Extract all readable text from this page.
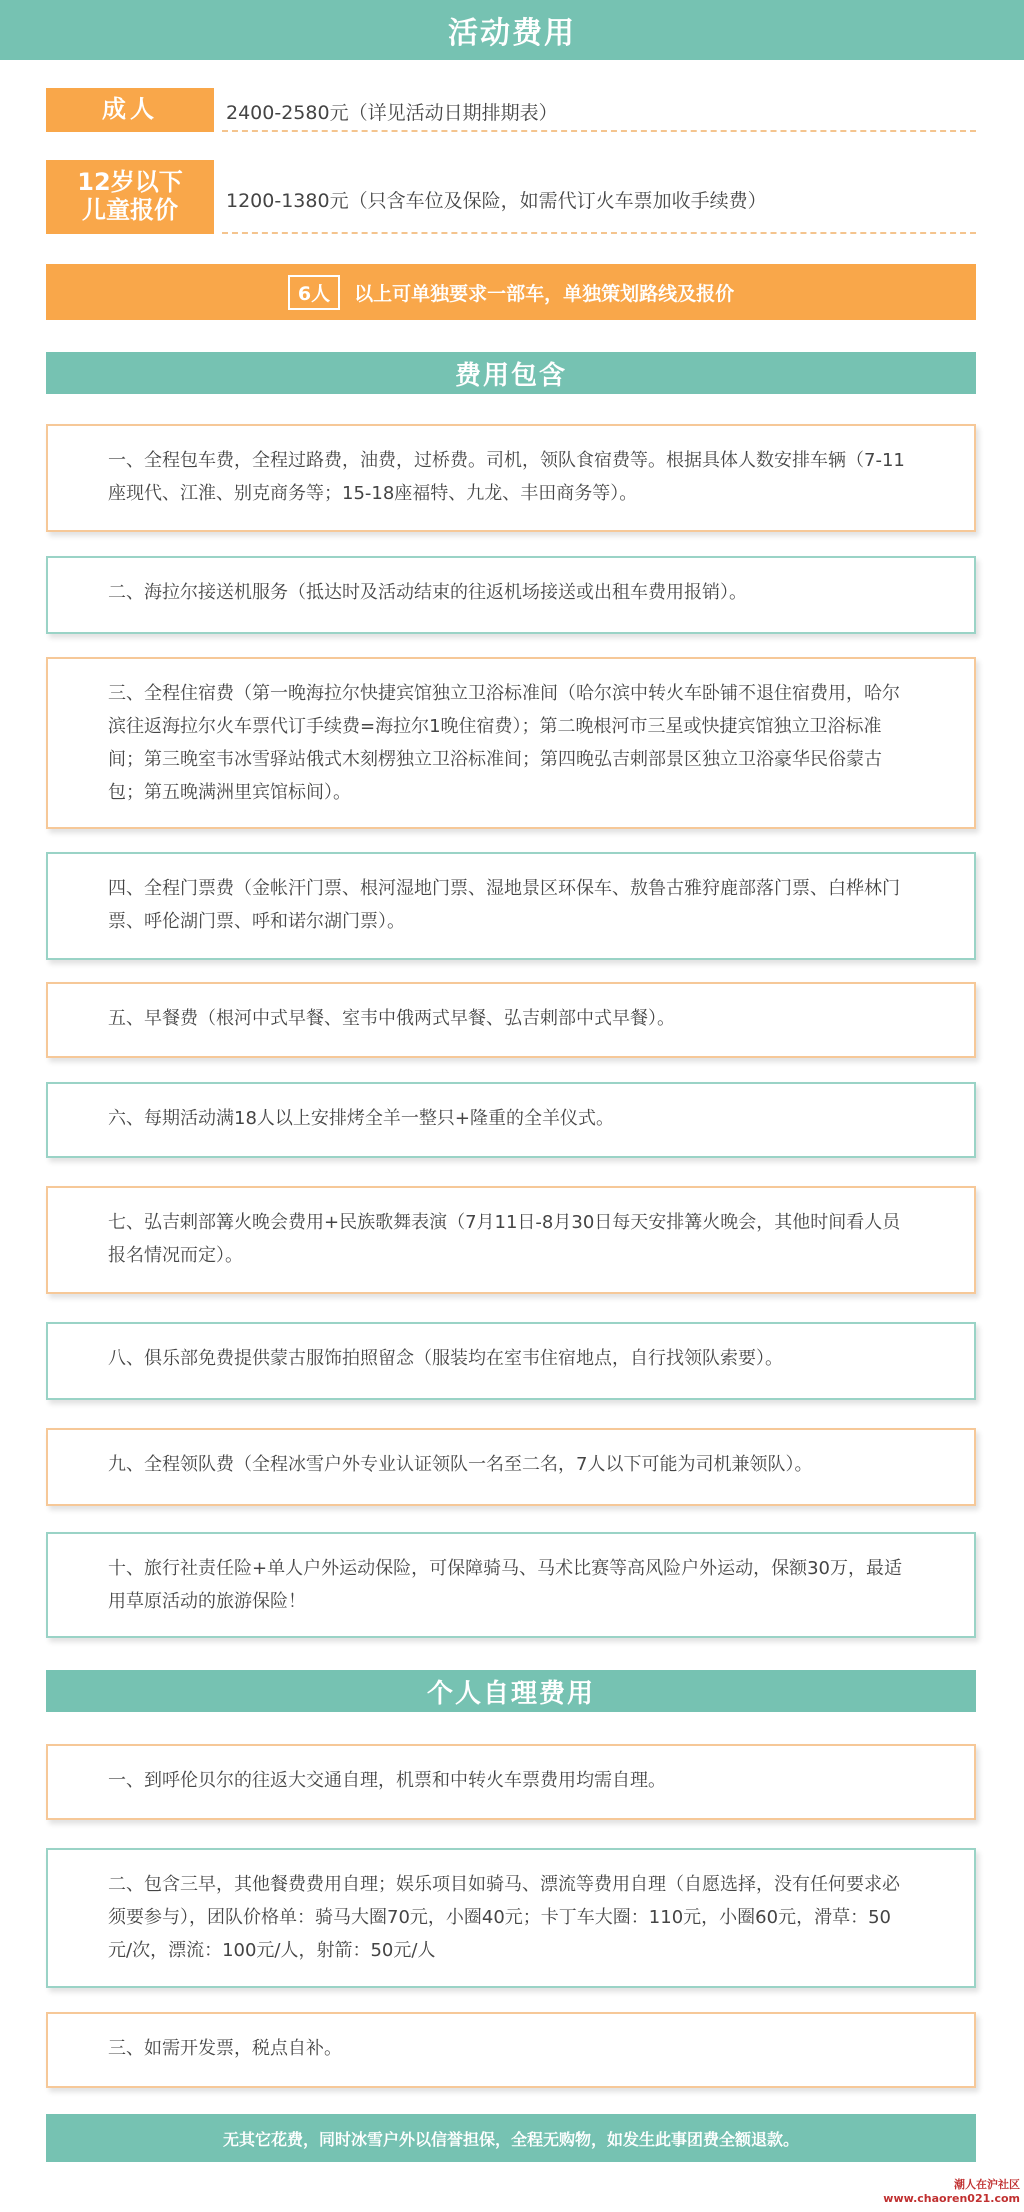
活动费用
成人	2400-2580元（详见活动日期排期表）
12岁以下
儿童报价	1200-1380元（只含车位及保险，如需代订火车票加收手续费）
6人	以上可单独要求一部车，单独策划路线及报价
费用包含
一、全程包车费，全程过路费，油费，过桥费。司机，领队食宿费等。根据具体人数安排车辆（7-11座现代、江淮、别克商务等；15-18座福特、九龙、丰田商务等）。
二、海拉尔接送机服务（抵达时及活动结束的往返机场接送或出租车费用报销）。
三、全程住宿费（第一晚海拉尔快捷宾馆独立卫浴标准间（哈尔滨中转火车卧铺不退住宿费用，哈尔滨往返海拉尔火车票代订手续费=海拉尔1晚住宿费）；第二晚根河市三星或快捷宾馆独立卫浴标准间；第三晚室韦冰雪驿站俄式木刻楞独立卫浴标准间；第四晚弘吉剌部景区独立卫浴豪华民俗蒙古包；第五晚满洲里宾馆标间）。
四、全程门票费（金帐汗门票、根河湿地门票、湿地景区环保车、敖鲁古雅狩鹿部落门票、白桦林门票、呼伦湖门票、呼和诺尔湖门票）。
五、早餐费（根河中式早餐、室韦中俄两式早餐、弘吉剌部中式早餐）。
六、每期活动满18人以上安排烤全羊一整只+隆重的全羊仪式。
七、弘吉剌部篝火晚会费用+民族歌舞表演（7月11日-8月30日每天安排篝火晚会，其他时间看人员报名情况而定）。
八、俱乐部免费提供蒙古服饰拍照留念（服装均在室韦住宿地点，自行找领队索要）。
九、全程领队费（全程冰雪户外专业认证领队一名至二名，7人以下可能为司机兼领队）。
十、旅行社责任险+单人户外运动保险，可保障骑马、马术比赛等高风险户外运动，保额30万，最适用草原活动的旅游保险！
个人自理费用
一、到呼伦贝尔的往返大交通自理，机票和中转火车票费用均需自理。
二、包含三早，其他餐费费用自理；娱乐项目如骑马、漂流等费用自理（自愿选择，没有任何要求必须要参与），团队价格单：骑马大圈70元，小圈40元；卡丁车大圈：110元，小圈60元，滑草：50元/次，漂流：100元/人，射箭：50元/人
三、如需开发票，税点自补。
无其它花费，同时冰雪户外以信誉担保，全程无购物，如发生此事团费全额退款。
潮人在沪社区
www.chaoren021.com
